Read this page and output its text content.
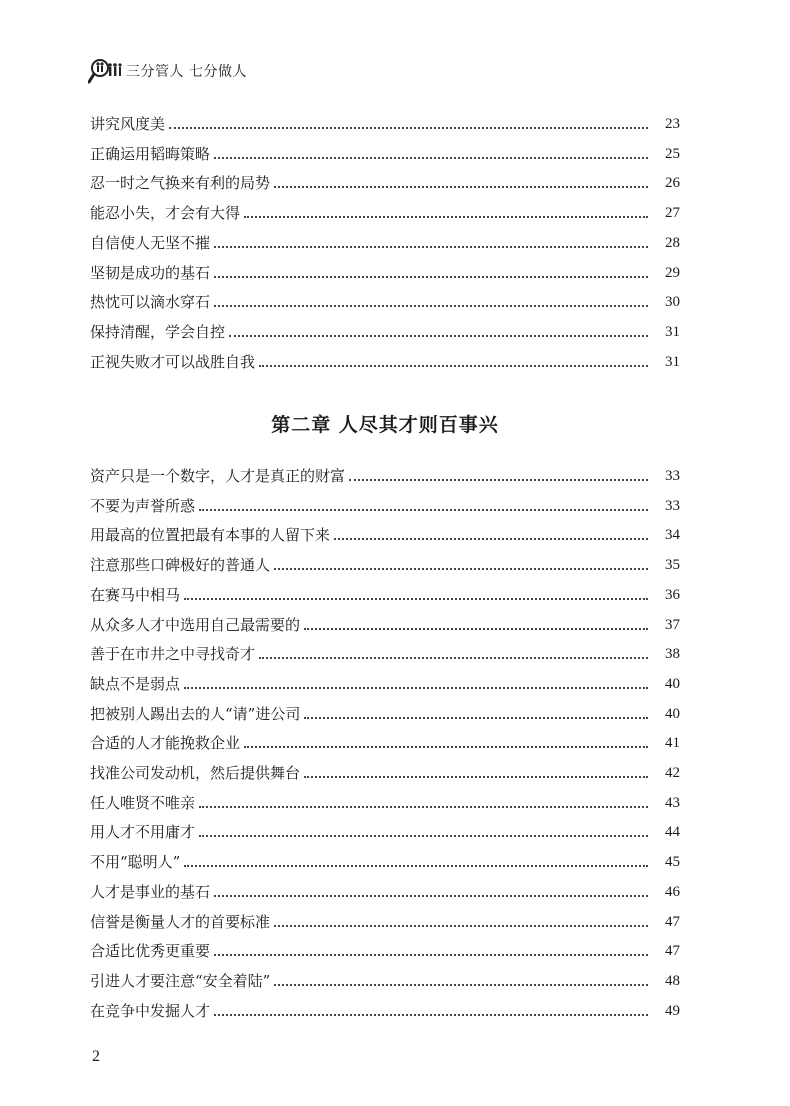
三分管人 七分做人
讲究风度美	23
正确运用韬晦策略	25
忍一时之气换来有利的局势	26
能忍小失，才会有大得	27
自信使人无坚不摧	28
坚韧是成功的基石	29
热忱可以滴水穿石	30
保持清醒，学会自控	31
正视失败才可以战胜自我	31
第二章 人尽其才则百事兴
资产只是一个数字，人才是真正的财富	33
不要为声誉所惑	33
用最高的位置把最有本事的人留下来	34
注意那些口碑极好的普通人	35
在赛马中相马	36
从众多人才中选用自己最需要的	37
善于在市井之中寻找奇才	38
缺点不是弱点	40
把被别人踢出去的人“请”进公司	40
合适的人才能挽救企业	41
找准公司发动机，然后提供舞台	42
任人唯贤不唯亲	43
用人才不用庸才	44
不用“聪明人”	45
人才是事业的基石	46
信誉是衡量人才的首要标准	47
合适比优秀更重要	47
引进人才要注意“安全着陆”	48
在竞争中发掘人才	49
2
